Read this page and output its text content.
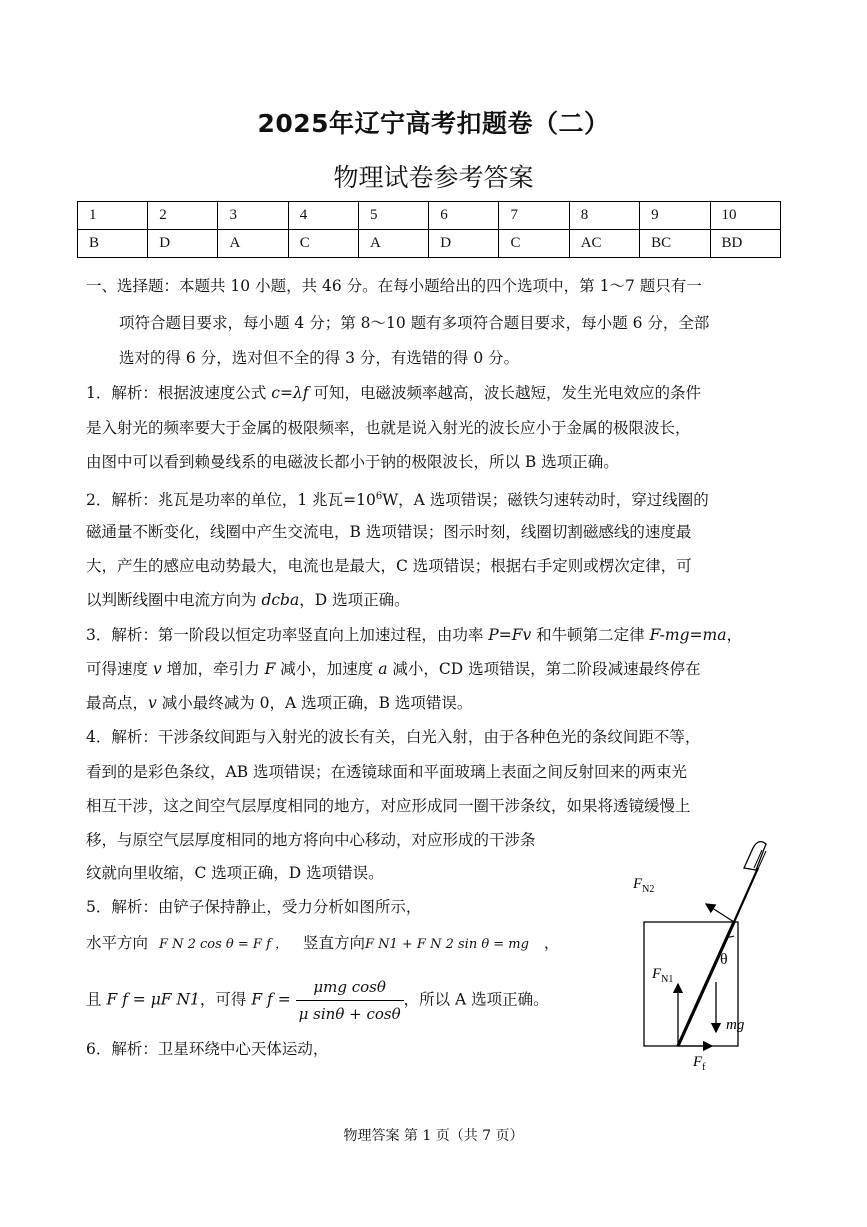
2025年辽宁高考扣题卷（二）
物理试卷参考答案
1	2	3	4	5	6	7	8	9	10
B	D	A	C	A	D	C	AC	BC	BD
一、选择题：本题共 10 小题，共 46 分。在每小题给出的四个选项中，第 1～7 题只有一
项符合题目要求，每小题 4 分；第 8～10 题有多项符合题目要求，每小题 6 分，全部
选对的得 6 分，选对但不全的得 3 分，有选错的得 0 分。
1．解析：根据波速度公式 c=λf 可知，电磁波频率越高，波长越短，发生光电效应的条件
是入射光的频率要大于金属的极限频率，也就是说入射光的波长应小于金属的极限波长，
由图中可以看到赖曼线系的电磁波长都小于钠的极限波长，所以 B 选项正确。
2．解析：兆瓦是功率的单位，1 兆瓦$=10^6W$，A 选项错误；磁铁匀速转动时，穿过线圈的
磁通量不断变化，线圈中产生交流电，B 选项错误；图示时刻，线圈切割磁感线的速度最
大，产生的感应电动势最大，电流也是最大，C 选项错误；根据右手定则或楞次定律，可
以判断线圈中电流方向为 dcba，D 选项正确。
3．解析：第一阶段以恒定功率竖直向上加速过程，由功率 P=Fv 和牛顿第二定律 F-mg=ma，
可得速度 v 增加，牵引力 F 减小，加速度 a 减小，CD 选项错误，第二阶段减速最终停在
最高点，v 减小最终减为 0，A 选项正确，B 选项错误。
4．解析：干涉条纹间距与入射光的波长有关，白光入射，由于各种色光的条纹间距不等，
看到的是彩色条纹，AB 选项错误；在透镜球面和平面玻璃上表面之间反射回来的两束光
相互干涉，这之间空气层厚度相同的地方，对应形成同一圈干涉条纹，如果将透镜缓慢上
移，与原空气层厚度相同的地方将向中心移动，对应形成的干涉条
纹就向里收缩，C 选项正确，D 选项错误。
5．解析：由铲子保持静止，受力分析如图所示，
水平方向 F N 2 cos θ = F f ， 竖直方向F N1 + F N 2 sin θ = mg ，
且 F f = μF N1，可得 F $f = \frac{\text{μmg cosθ}}{\text{μ sinθ + cosθ}}$ ，所以 A 选项正确。
6．解析：卫星环绕中心天体运动，
$F_{N2}$
$F_{N1}$
θ
mg
$F_f$
物理答案 第 1 页（共 7 页）
